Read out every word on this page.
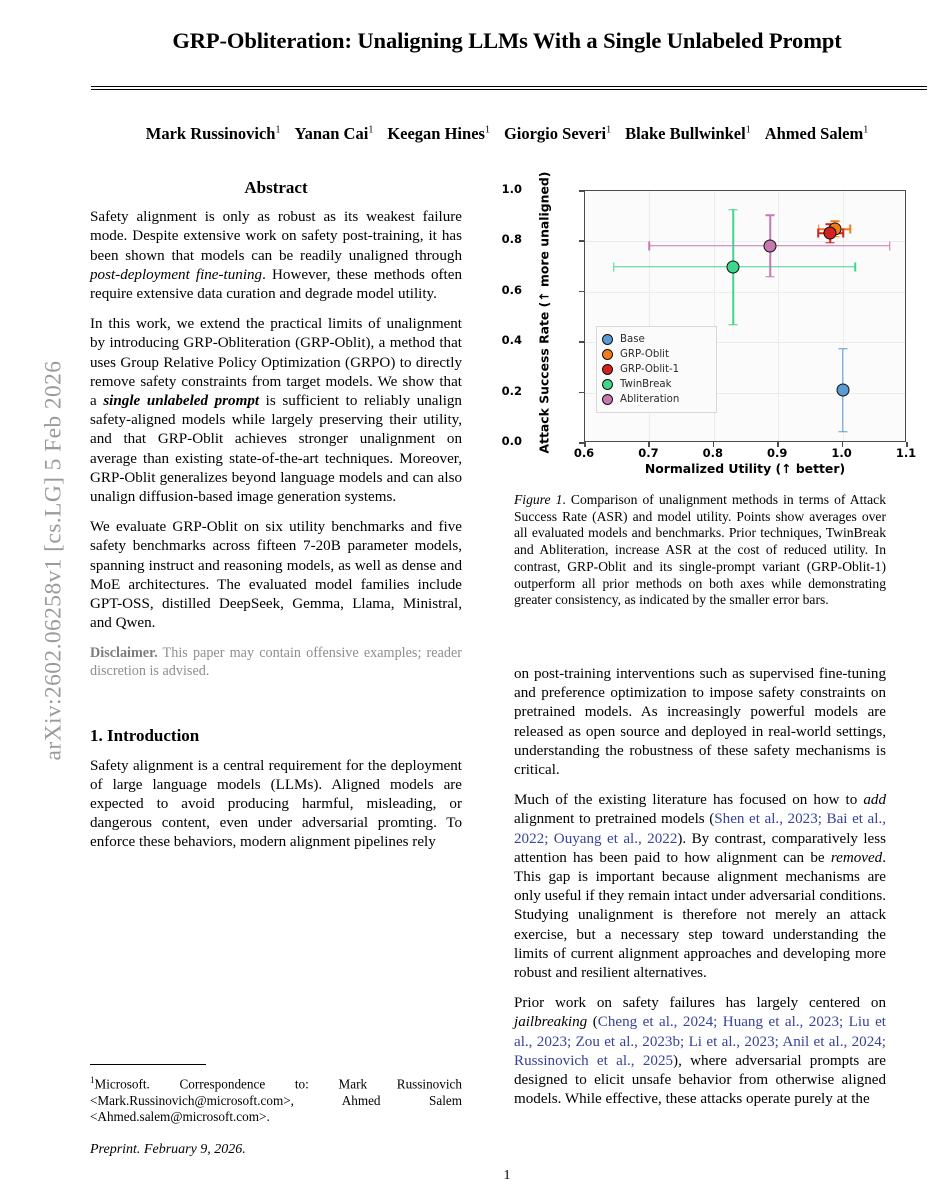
arXiv:2602.06258v1 [cs.LG] 5 Feb 2026
GRP-Obliteration: Unaligning LLMs With a Single Unlabeled Prompt
Mark Russinovich$^1$ Yanan Cai$^1$ Keegan Hines$^1$ Giorgio Severi$^1$ Blake Bullwinkel$^1$ Ahmed Salem$^1$
Abstract

Safety alignment is only as robust as its weakest failure mode. Despite extensive work on safety post-training, it has been shown that models can be readily unaligned through post-deployment fine-tuning. However, these methods often require extensive data curation and degrade model utility.

In this work, we extend the practical limits of unalignment by introducing GRP-Obliteration (GRP-Oblit), a method that uses Group Relative Policy Optimization (GRPO) to directly remove safety constraints from target models. We show that a single unlabeled prompt is sufficient to reliably unalign safety-aligned models while largely preserving their utility, and that GRP-Oblit achieves stronger unalignment on average than existing state-of-the-art techniques. Moreover, GRP-Oblit generalizes beyond language models and can also unalign diffusion-based image generation systems.

We evaluate GRP-Oblit on six utility benchmarks and five safety benchmarks across fifteen 7-20B parameter models, spanning instruct and reasoning models, as well as dense and MoE architectures. The evaluated model families include GPT-OSS, distilled DeepSeek, Gemma, Llama, Ministral, and Qwen.

Disclaimer. This paper may contain offensive examples; reader discretion is advised.

1. Introduction

Safety alignment is a central requirement for the deployment of large language models (LLMs). Aligned models are expected to avoid producing harmful, misleading, or dangerous content, even under adversarial promting. To enforce these behaviors, modern alignment pipelines rely

on post-training interventions such as supervised fine-tuning and preference optimization to impose safety constraints on pretrained models. As increasingly powerful models are released as open source and deployed in real-world settings, understanding the robustness of these safety mechanisms is critical.

Much of the existing literature has focused on how to add alignment to pretrained models (Shen et al., 2023; Bai et al., 2022; Ouyang et al., 2022). By contrast, comparatively less attention has been paid to how alignment can be removed. This gap is important because alignment mechanisms are only useful if they remain intact under adversarial conditions. Studying unalignment is therefore not merely an attack exercise, but a necessary step toward understanding the limits of current alignment approaches and developing more robust and resilient alternatives.

Prior work on safety failures has largely centered on jailbreaking (Cheng et al., 2024; Huang et al., 2023; Liu et al., 2023; Zou et al., 2023b; Li et al., 2023; Anil et al., 2024; Russinovich et al., 2025), where adversarial prompts are designed to elicit unsafe behavior from otherwise aligned models. While effective, these attacks operate purely at the

Attack Success Rate (↑ more unaligned)
Normalized Utility (↑ better)
0.6	0.7	0.8	0.9	1.0	1.1
0.0
0.2
0.4
0.6
0.8
1.0
Base
GRP-Oblit
GRP-Oblit-1
TwinBreak
Abliteration
Figure 1. Comparison of unalignment methods in terms of Attack Success Rate (ASR) and model utility. Points show averages over all evaluated models and benchmarks. Prior techniques, TwinBreak and Abliteration, increase ASR at the cost of reduced utility. In contrast, GRP-Oblit and its single-prompt variant (GRP-Oblit-1) outperform all prior methods on both axes while demonstrating greater consistency, as indicated by the smaller error bars.
$^1$Microsoft. Correspondence to: Mark Russinovich <Mark.Russinovich@microsoft.com>, Ahmed Salem <Ahmed.salem@microsoft.com>.
Preprint. February 9, 2026.
1
